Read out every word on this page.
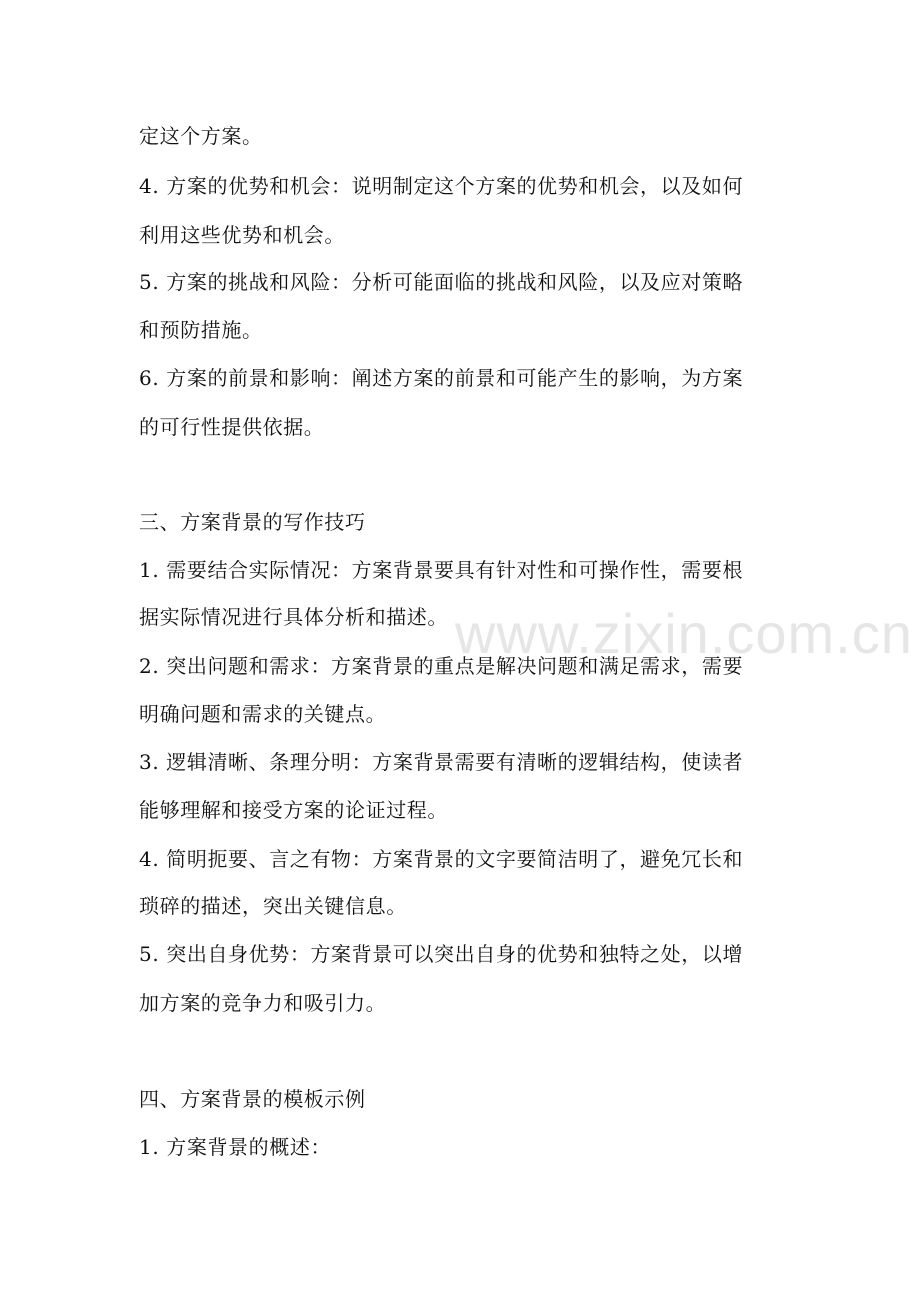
www.zixin.com.cn
定这个方案。
4. 方案的优势和机会：说明制定这个方案的优势和机会，以及如何
利用这些优势和机会。
5. 方案的挑战和风险：分析可能面临的挑战和风险，以及应对策略
和预防措施。
6. 方案的前景和影响：阐述方案的前景和可能产生的影响，为方案
的可行性提供依据。
三、方案背景的写作技巧
1. 需要结合实际情况：方案背景要具有针对性和可操作性，需要根
据实际情况进行具体分析和描述。
2. 突出问题和需求：方案背景的重点是解决问题和满足需求，需要
明确问题和需求的关键点。
3. 逻辑清晰、条理分明：方案背景需要有清晰的逻辑结构，使读者
能够理解和接受方案的论证过程。
4. 简明扼要、言之有物：方案背景的文字要简洁明了，避免冗长和
琐碎的描述，突出关键信息。
5. 突出自身优势：方案背景可以突出自身的优势和独特之处，以增
加方案的竞争力和吸引力。
四、方案背景的模板示例
1. 方案背景的概述：
